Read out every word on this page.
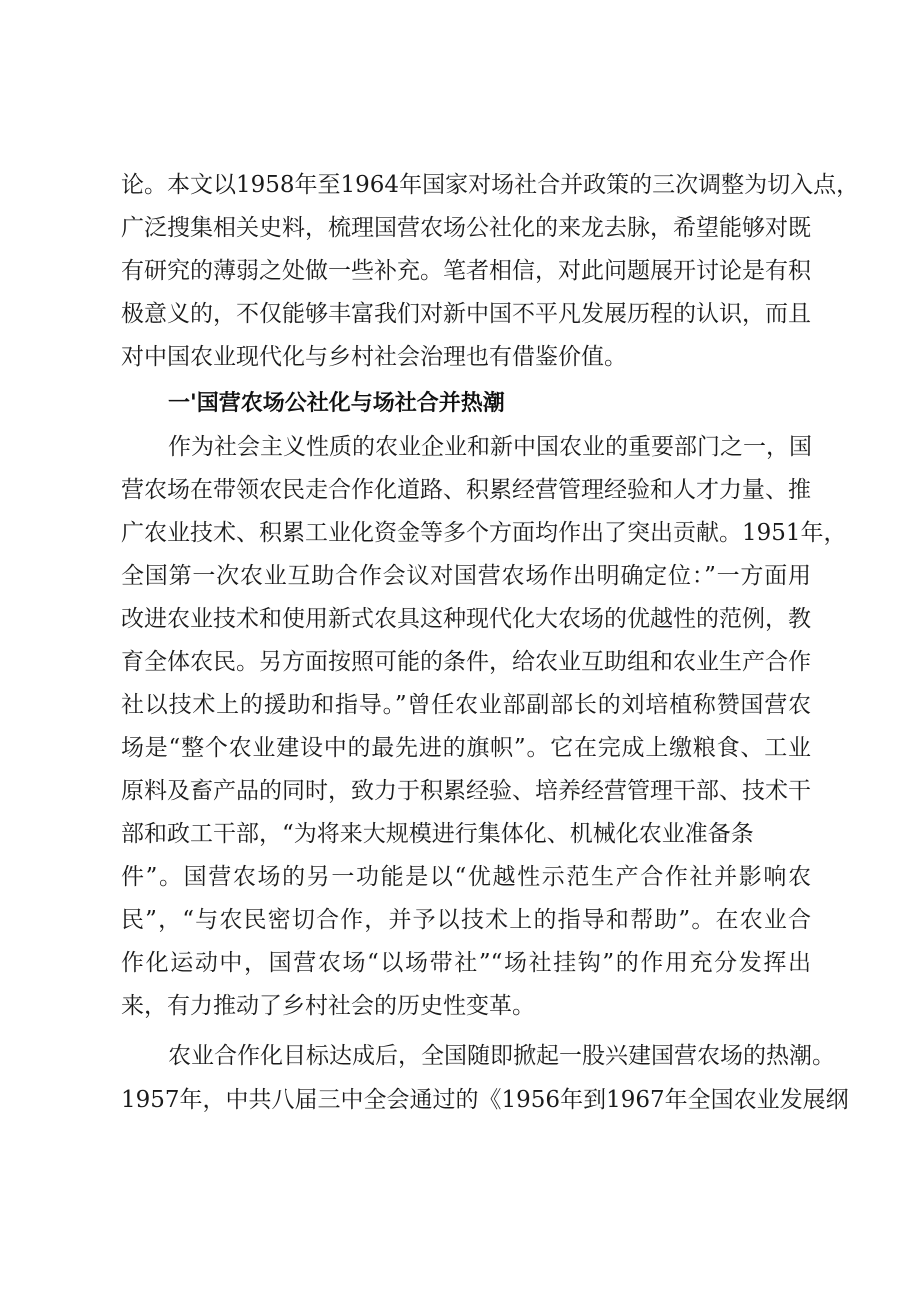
论。本文以1958年至1964年国家对场社合并政策的三次调整为切入点，
广泛搜集相关史料，梳理国营农场公社化的来龙去脉，希望能够对既
有研究的薄弱之处做一些补充。笔者相信，对此问题展开讨论是有积
极意义的，不仅能够丰富我们对新中国不平凡发展历程的认识，而且
对中国农业现代化与乡村社会治理也有借鉴价值。
一'国营农场公社化与场社合并热潮
作为社会主义性质的农业企业和新中国农业的重要部门之一，国
营农场在带领农民走合作化道路、积累经营管理经验和人才力量、推
广农业技术、积累工业化资金等多个方面均作出了突出贡献。1951年，
全国第一次农业互助合作会议对国营农场作出明确定位：”一方面用
改进农业技术和使用新式农具这种现代化大农场的优越性的范例，教
育全体农民。另方面按照可能的条件，给农业互助组和农业生产合作
社以技术上的援助和指导。”曾任农业部副部长的刘培植称赞国营农
场是“整个农业建设中的最先进的旗帜”。它在完成上缴粮食、工业
原料及畜产品的同时，致力于积累经验、培养经营管理干部、技术干
部和政工干部，“为将来大规模进行集体化、机械化农业准备条
件”。国营农场的另一功能是以“优越性示范生产合作社并影响农
民”，“与农民密切合作，并予以技术上的指导和帮助”。在农业合
作化运动中，国营农场“以场带社”“场社挂钩”的作用充分发挥出
来，有力推动了乡村社会的历史性变革。
农业合作化目标达成后，全国随即掀起一股兴建国营农场的热潮。
1957年，中共八届三中全会通过的《1956年到1967年全国农业发展纲
